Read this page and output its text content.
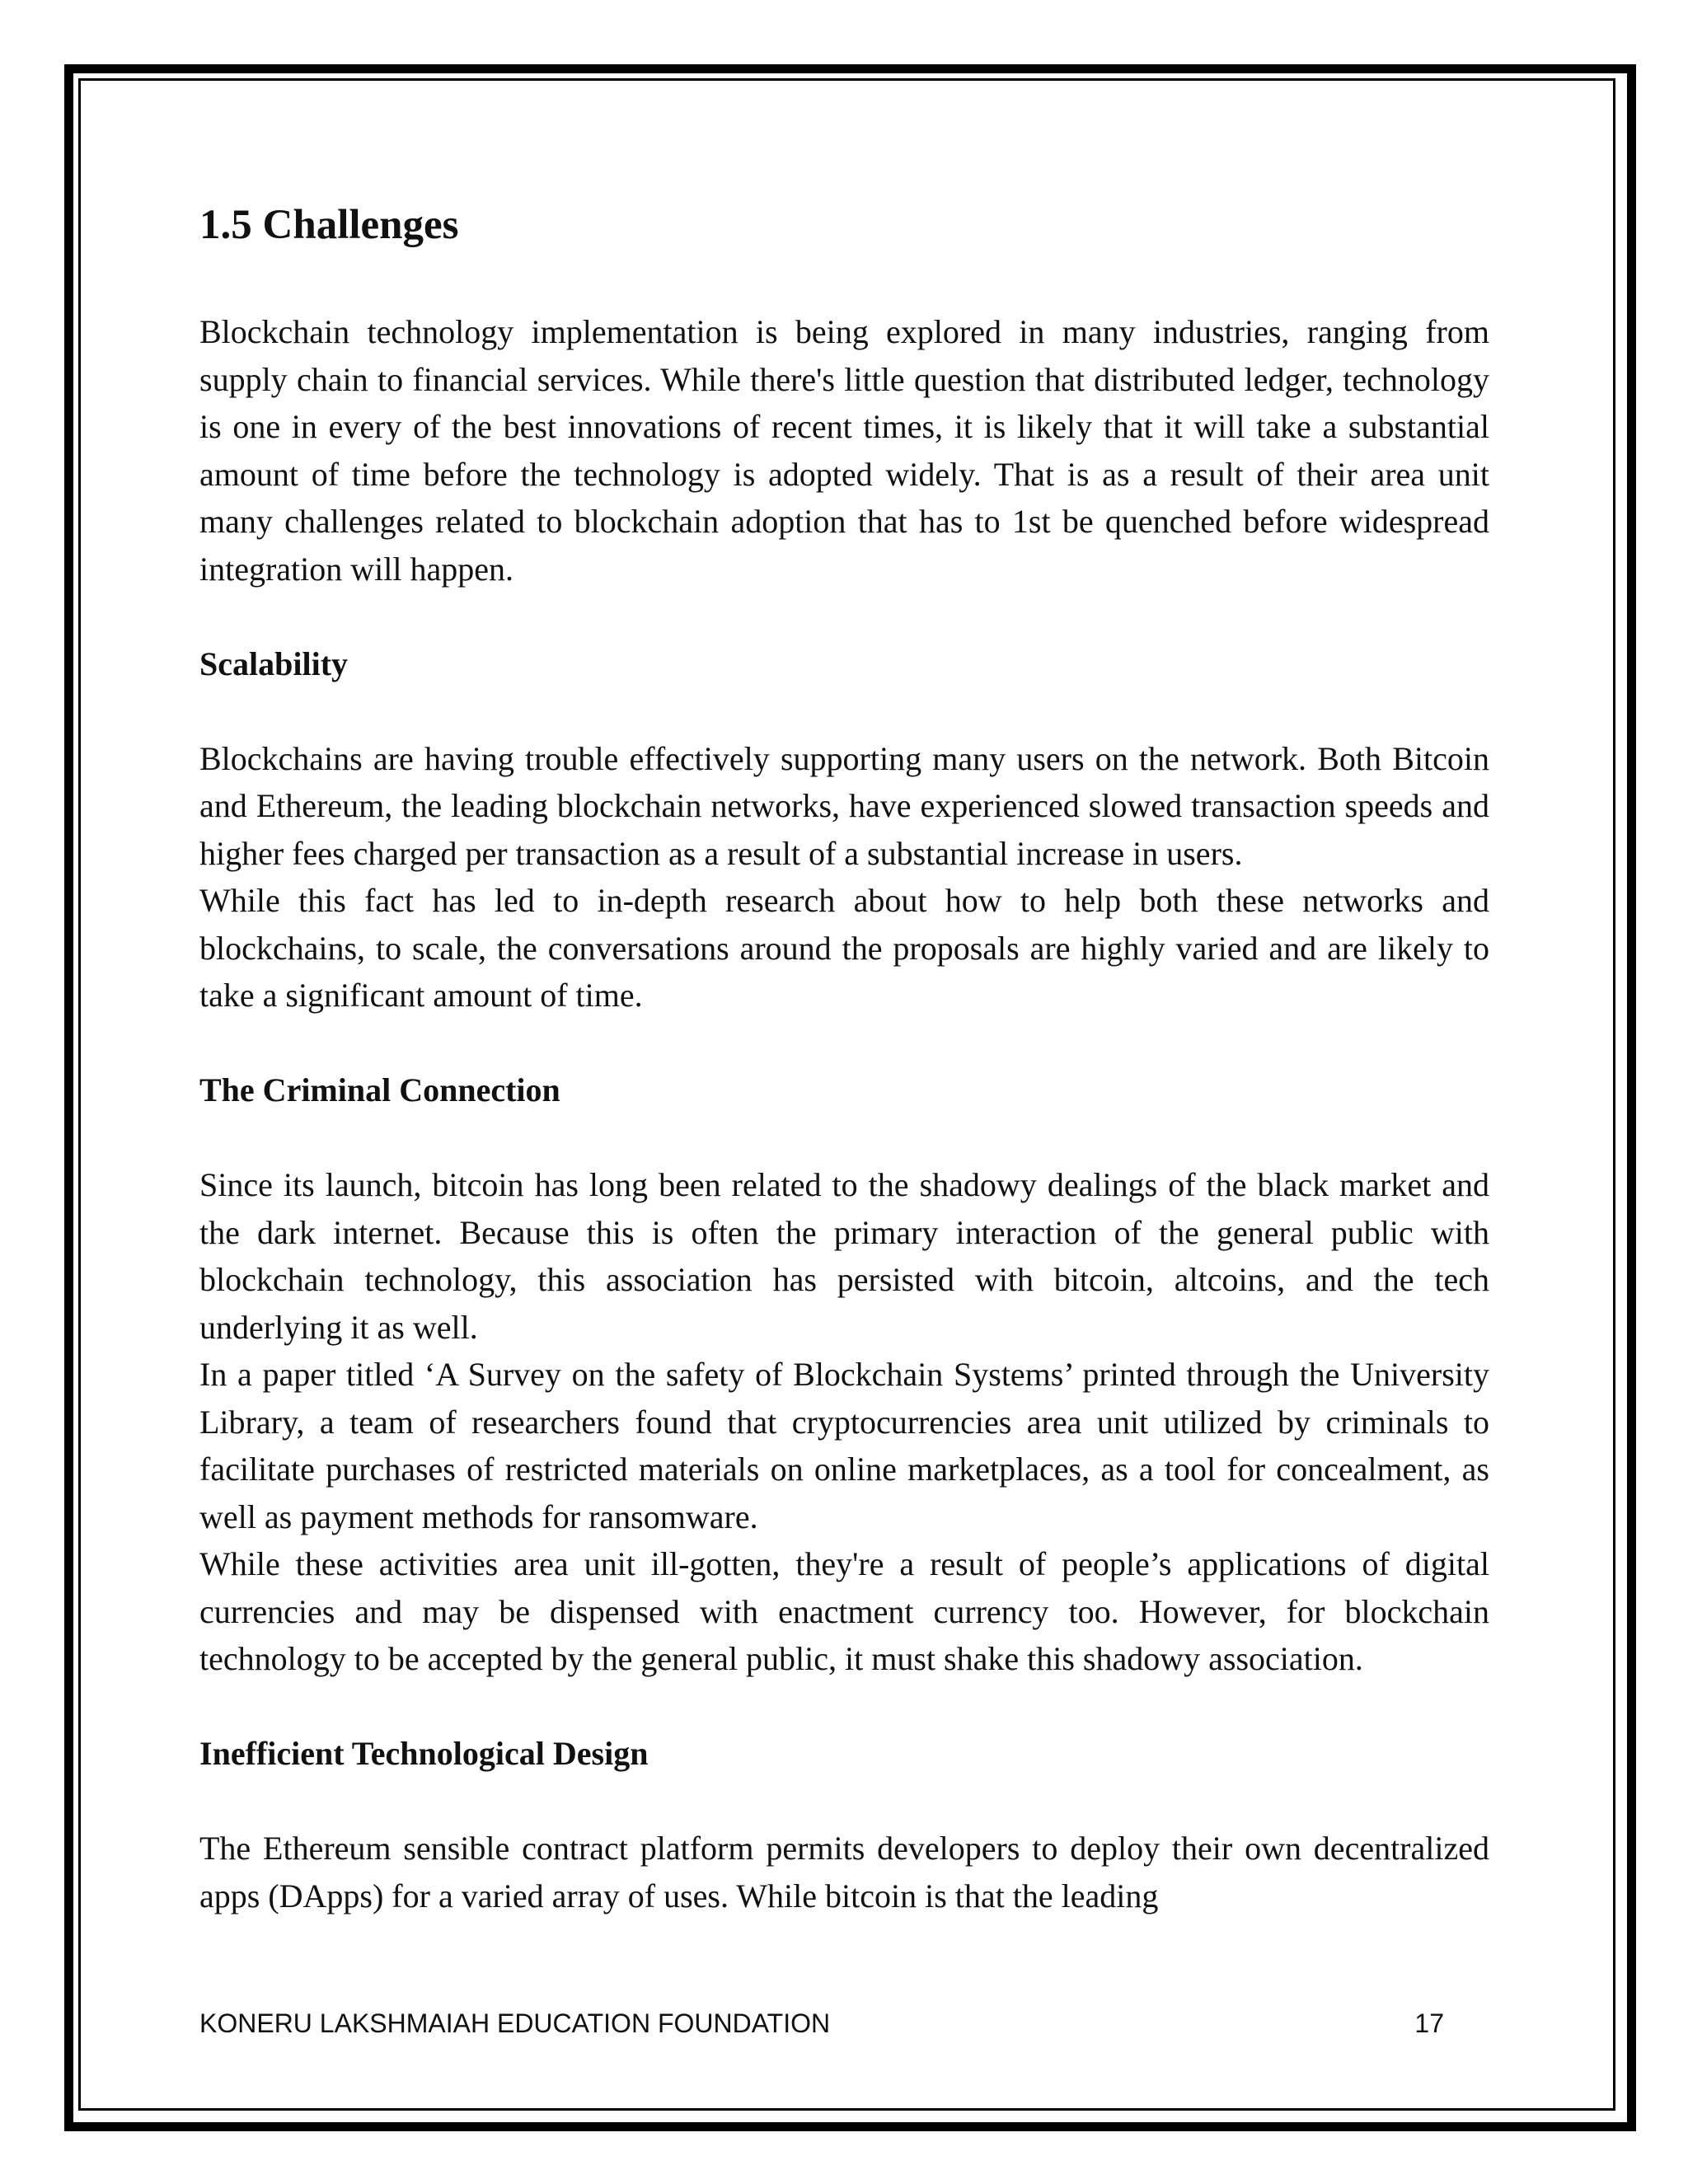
1.5 Challenges

Blockchain technology implementation is being explored in many industries, ranging from supply chain to financial services. While there's little question that distributed ledger, technology is one in every of the best innovations of recent times, it is likely that it will take a substantial amount of time before the technology is adopted widely. That is as a result of their area unit many challenges related to blockchain adoption that has to 1st be quenched before widespread integration will happen.

Scalability

Blockchains are having trouble effectively supporting many users on the network. Both Bitcoin and Ethereum, the leading blockchain networks, have experienced slowed transaction speeds and higher fees charged per transaction as a result of a substantial increase in users.

While this fact has led to in-depth research about how to help both these networks and blockchains, to scale, the conversations around the proposals are highly varied and are likely to take a significant amount of time.

The Criminal Connection

Since its launch, bitcoin has long been related to the shadowy dealings of the black market and the dark internet. Because this is often the primary interaction of the general public with blockchain technology, this association has persisted with bitcoin, altcoins, and the tech underlying it as well.

In a paper titled ‘A Survey on the safety of Blockchain Systems’ printed through the University Library, a team of researchers found that cryptocurrencies area unit utilized by criminals to facilitate purchases of restricted materials on online marketplaces, as a tool for concealment, as well as payment methods for ransomware.

While these activities area unit ill-gotten, they're a result of people’s applications of digital currencies and may be dispensed with enactment currency too. However, for blockchain technology to be accepted by the general public, it must shake this shadowy association.

Inefficient Technological Design

The Ethereum sensible contract platform permits developers to deploy their own decentralized apps (DApps) for a varied array of uses. While bitcoin is that the leading

KONERU LAKSHMAIAH EDUCATION FOUNDATION	17
